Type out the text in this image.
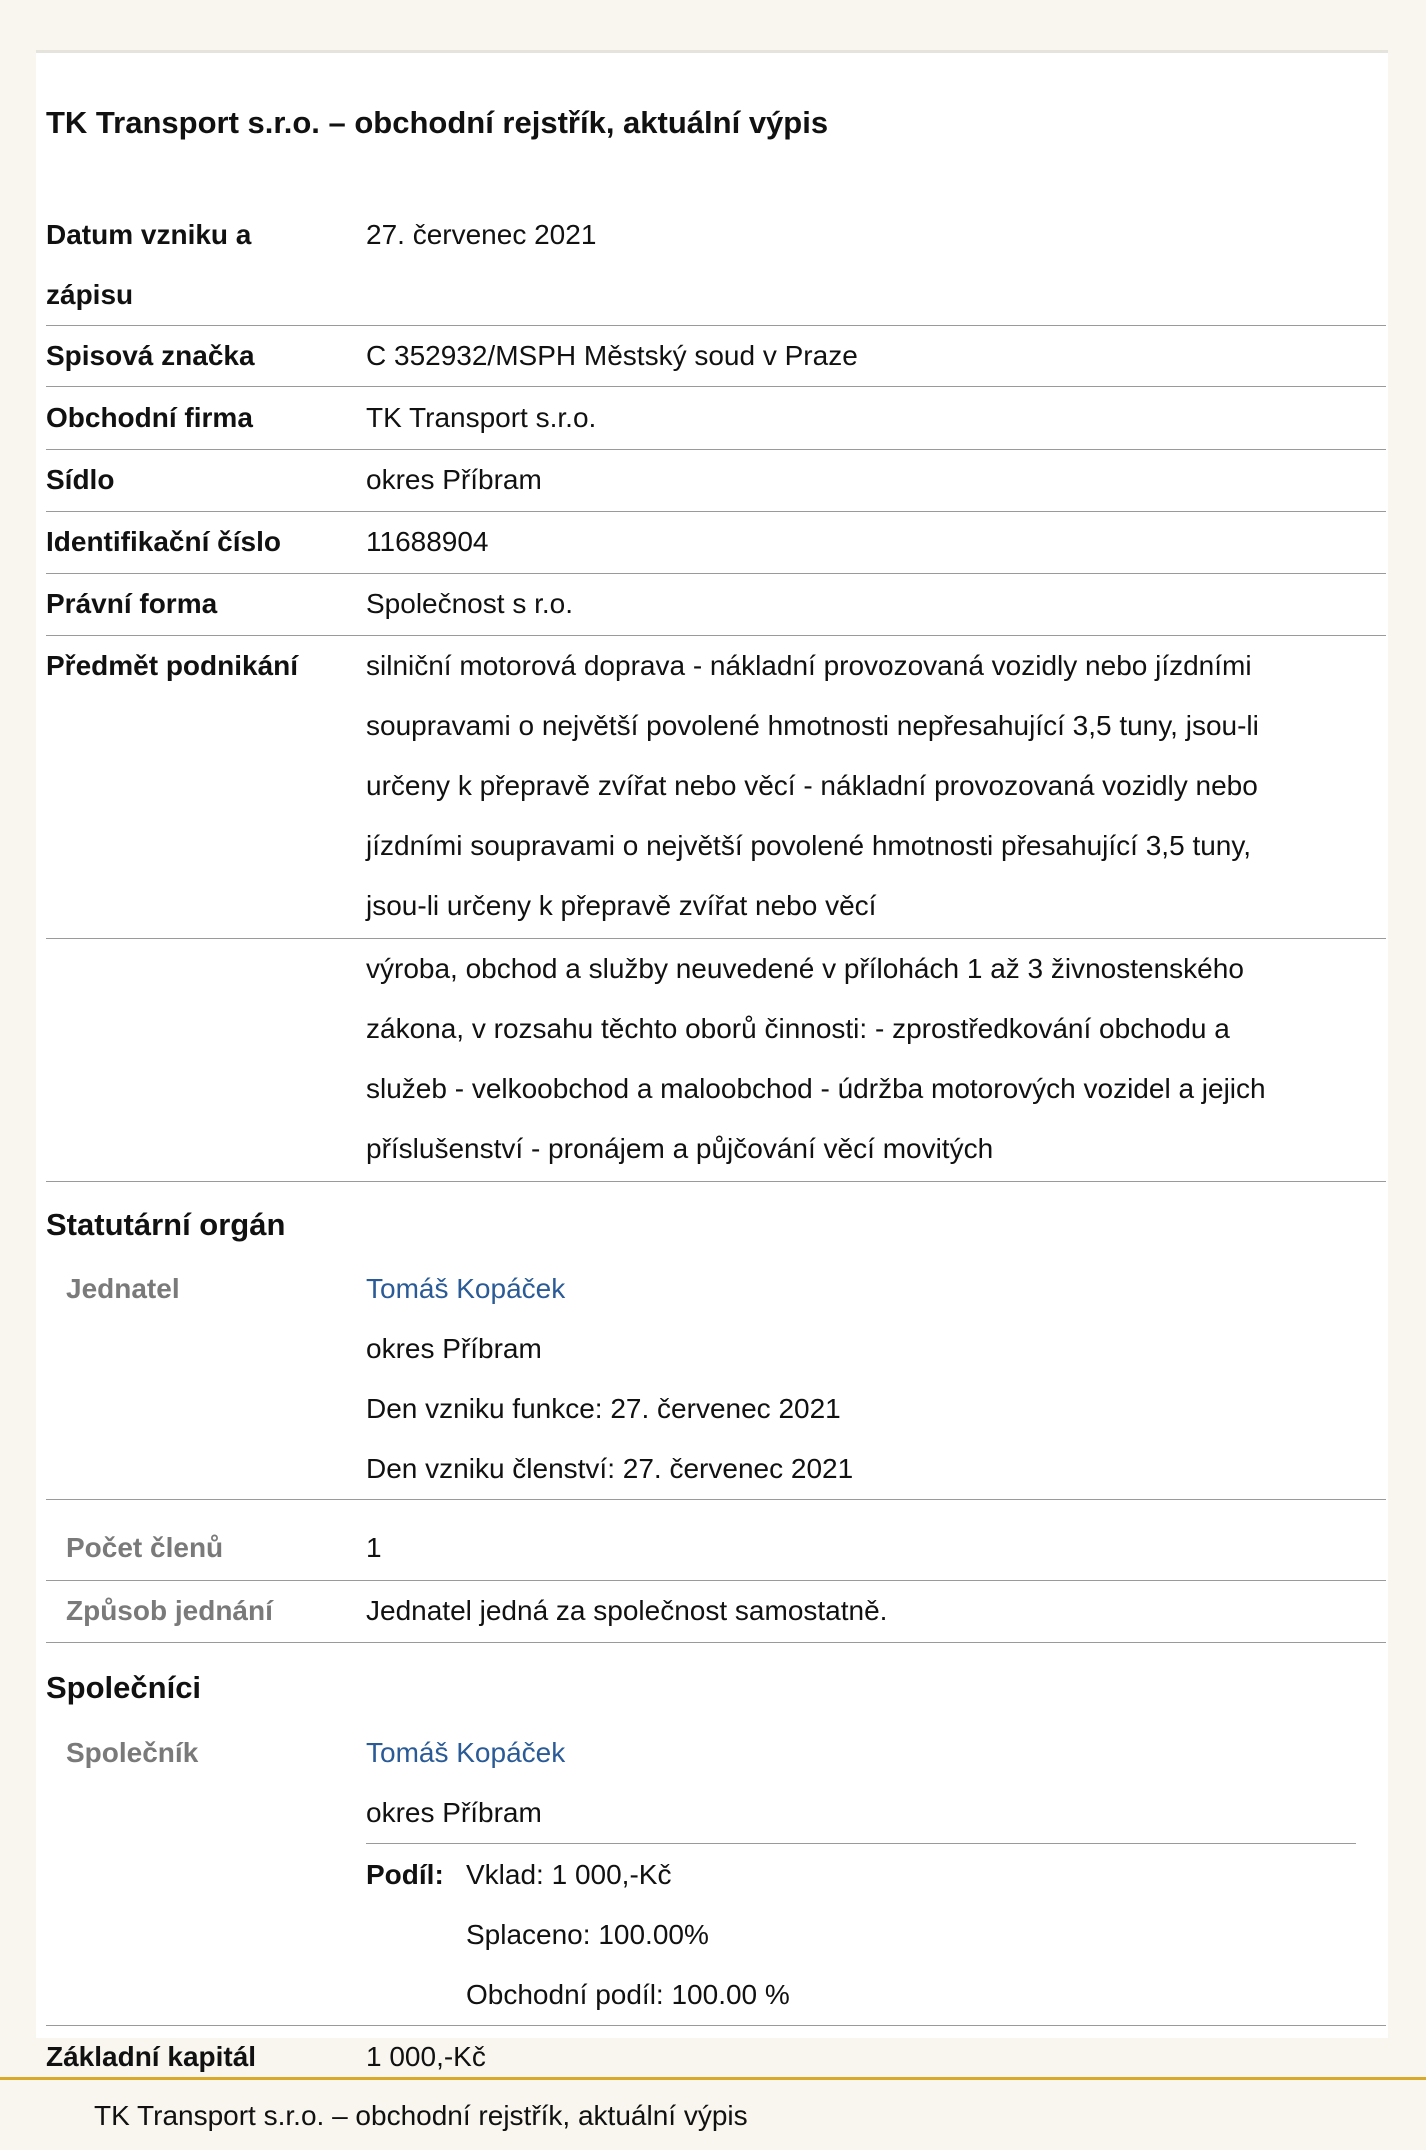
TK Transport s.r.o. – obchodní rejstřík, aktuální výpis
Datum vzniku a
zápisu
27. červenec 2021
Spisová značka	C 352932/MSPH Městský soud v Praze
Obchodní firma	TK Transport s.r.o.
Sídlo	okres Příbram
Identifikační číslo	11688904
Právní forma	Společnost s r.o.
Předmět podnikání	silniční motorová doprava - nákladní provozovaná vozidly nebo jízdními
soupravami o největší povolené hmotnosti nepřesahující 3,5 tuny, jsou-li
určeny k přepravě zvířat nebo věcí - nákladní provozovaná vozidly nebo
jízdními soupravami o největší povolené hmotnosti přesahující 3,5 tuny,
jsou-li určeny k přepravě zvířat nebo věcí
výroba, obchod a služby neuvedené v přílohách 1 až 3 živnostenského
zákona, v rozsahu těchto oborů činnosti: - zprostředkování obchodu a
služeb - velkoobchod a maloobchod - údržba motorových vozidel a jejich
příslušenství - pronájem a půjčování věcí movitých
Statutární orgán
Jednatel	Tomáš Kopáček
okres Příbram
Den vzniku funkce: 27. červenec 2021
Den vzniku členství: 27. červenec 2021
Počet členů	1
Způsob jednání	Jednatel jedná za společnost samostatně.
Společníci
Společník	Tomáš Kopáček
okres Příbram
Podíl: Vklad: 1 000,-Kč
Splaceno: 100.00%
Obchodní podíl: 100.00 %
Základní kapitál	1 000,-Kč
TK Transport s.r.o. – obchodní rejstřík, aktuální výpis
